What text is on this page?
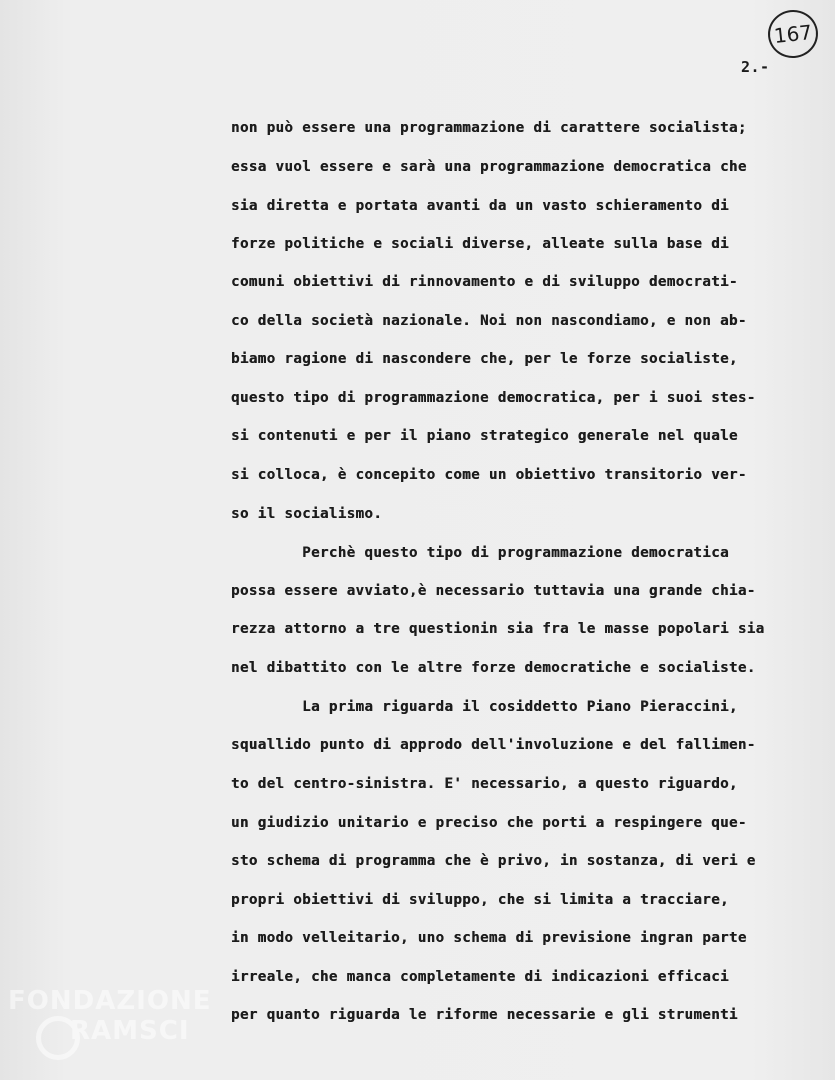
167
2.-
non può essere una programmazione di carattere socialista;
essa vuol essere e sarà una programmazione democratica che
sia diretta e portata avanti da un vasto schieramento di
forze politiche e sociali diverse, alleate sulla base di
comuni obiettivi di rinnovamento e di sviluppo democrati-
co della società nazionale. Noi non nascondiamo, e non ab-
biamo ragione di nascondere che, per le forze socialiste,
questo tipo di programmazione democratica, per i suoi stes-
si contenuti e per il piano strategico generale nel quale
si colloca, è concepito come un obiettivo transitorio ver-
so il socialismo.
Perchè questo tipo di programmazione democratica
possa essere avviato,è necessario tuttavia una grande chia-
rezza attorno a tre questionin sia fra le masse popolari sia
nel dibattito con le altre forze democratiche e socialiste.
La prima riguarda il cosiddetto Piano Pieraccini,
squallido punto di approdo dell'involuzione e del fallimen-
to del centro-sinistra. E' necessario, a questo riguardo,
un giudizio unitario e preciso che porti a respingere que-
sto schema di programma che è privo, in sostanza, di veri e
propri obiettivi di sviluppo, che si limita a tracciare,
in modo velleitario, uno schema di previsione ingran parte
irreale, che manca completamente di indicazioni efficaci
per quanto riguarda le riforme necessarie e gli strumenti
FONDAZIONE
RAMSCI
